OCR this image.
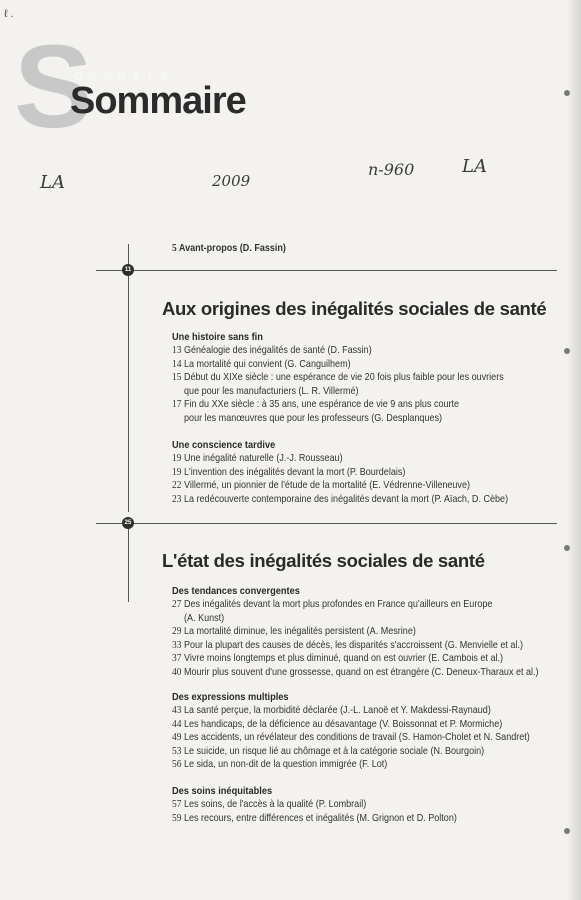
ℓ .
S
ommaire
Sommaire
LA	2009
n-960	LA

5 Avant-propos (D. Fassin)

11
Aux origines des inégalités sociales de santé

Une histoire sans fin

13 Généalogie des inégalités de santé (D. Fassin)

14 La mortalité qui convient (G. Canguilhem)

15 Début du XIXe siècle : une espérance de vie 20 fois plus faible pour les ouvriers
que pour les manufacturiers (L. R. Villermé)

17 Fin du XXe siècle : à 35 ans, une espérance de vie 9 ans plus courte
pour les manœuvres que pour les professeurs (G. Desplanques)

Une conscience tardive

19 Une inégalité naturelle (J.-J. Rousseau)

19 L'invention des inégalités devant la mort (P. Bourdelais)

22 Villermé, un pionnier de l'étude de la mortalité (E. Védrenne-Villeneuve)

23 La redécouverte contemporaine des inégalités devant la mort (P. Aïach, D. Cèbe)

25
L'état des inégalités sociales de santé

Des tendances convergentes

27 Des inégalités devant la mort plus profondes en France qu'ailleurs en Europe
(A. Kunst)

29 La mortalité diminue, les inégalités persistent (A. Mesrine)

33 Pour la plupart des causes de décès, les disparités s'accroissent (G. Menvielle et al.)

37 Vivre moins longtemps et plus diminué, quand on est ouvrier (E. Cambois et al.)

40 Mourir plus souvent d'une grossesse, quand on est étrangère (C. Deneux-Tharaux et al.)

Des expressions multiples

43 La santé perçue, la morbidité déclarée (J.-L. Lanoë et Y. Makdessi-Raynaud)

44 Les handicaps, de la déficience au désavantage (V. Boissonnat et P. Mormiche)

49 Les accidents, un révélateur des conditions de travail (S. Hamon-Cholet et N. Sandret)

53 Le suicide, un risque lié au chômage et à la catégorie sociale (N. Bourgoin)

56 Le sida, un non-dit de la question immigrée (F. Lot)

Des soins inéquitables

57 Les soins, de l'accès à la qualité (P. Lombrail)

59 Les recours, entre différences et inégalités (M. Grignon et D. Polton)
